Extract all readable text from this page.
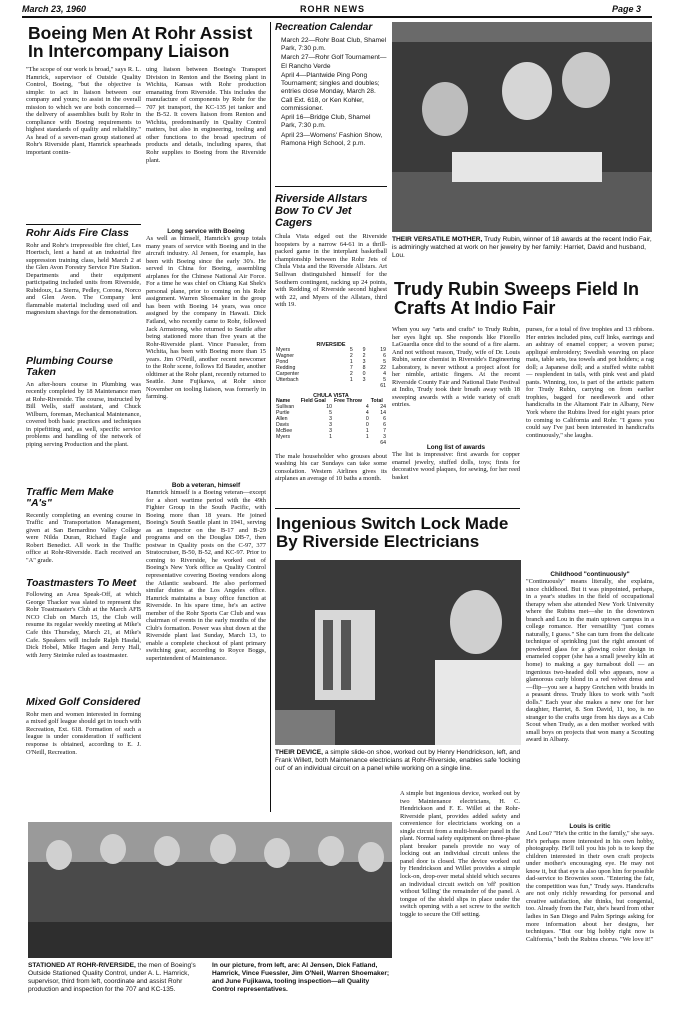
March 23, 1960	ROHR NEWS	Page 3
Boeing Men At Rohr Assist In Intercompany Liaison
"The scope of our work is broad," says R. L. Hamrick, supervisor of Outside Quality Control, Boeing, "but the objective is simple: to act in liaison between our company and yours; to assist in the overall mission to which we are both concerned—the delivery of assemblies built by Rohr in compliance with Boeing requirements to highest standards of quality and reliability." As head of a seven-man group stationed at Rohr's Riverside plant, Hamrick spearheads important contin-
Rohr Aids Fire Class
Rohr and Rohr's irrepressible fire chief, Les Hoertsch, lent a hand at an industrial fire suppression training class, held March 2 at the Glen Avon Forestry Service Fire Station. Departments and their equipment participating included units from Riverside, Rubidoux, La Sierra, Pedley, Corona, Norco and Glen Avon. The Company lent flammable material including used oil and magnesium shavings for the demonstration.
Plumbing Course Taken
An after-hours course in Plumbing was recently completed by 18 Maintenance men at Rohr-Riverside. The course, instructed by Bill Wells, staff assistant, and Chuck Wilburn, foreman, Mechanical Maintenance, covered both basic practices and techniques in pipefitting and, as well, specific service problems and handling of the network of piping serving Production and the plant.
Traffic Mem Make "A's"
Recently completing an evening course in Traffic and Transportation Management, given at San Bernardino Valley College were Nilda Duran, Richard Eagle and Robert Benedict. All work in the Traffic office at Rohr-Riverside. Each received an "A" grade.
Toastmasters To Meet
Following an Area Speak-Off, at which George Thacker was slated to represent the Rohr Toastmaster's Club at the March AFB NCO Club on March 15, the Club will resume its regular weekly meeting at Mike's Cafe this Thursday, March 21, at Mike's Cafe. Speakers will include Ralph Hasdal, Dick Hobel, Mike Hagen and Jerry Hall, with Jerry Steimke ruled as toastmaster.
Mixed Golf Considered
Rohr men and women interested in forming a mixed golf league should get in touch with Recreation, Ext. 618. Formation of such a league is under consideration if sufficient response is obtained, according to E. J. O'Neill, Recreation.
uing liaison between Boeing's Transport Division in Renton and the Boeing plant in Wichita, Kansas with Rohr production emanating from Riverside. This includes the manufacture of components by Rohr for the 707 jet transport, the KC-135 jet tanker and the B-52. It covers liaison from Renton and Wichita, predominantly in Quality Control matters, but also in engineering, tooling and other functions to the broad spectrum of products and details, including spares, that Rohr supplies to Boeing from the Riverside plant.
Long service with Boeing
As well as himself, Hamrick's group totals many years of service with Boeing and in the aircraft industry. Al Jensen, for example, has been with Boeing since the early 30's. He served in China for Boeing, assembling airplanes for the Chinese National Air Force. For a time he was chief on Chiang Kai Shek's personal plane, prior to coming on his Rohr assignment. Warren Shoemaker in the group has been with Boeing 14 years, was once assigned by the company in Hawaii. Dick Fatland, who recently came to Rohr, followed Jack Armstrong, who returned to Seattle after being stationed more than five years at the Rohr-Riverside plant. Vince Fuessler, from Wichita, has been with Boeing more than 15 years. Jim O'Neill, another recent newcomer to the Rohr scene, follows Ed Bauder, another oldtimer at the Rohr plant, recently returned to Seattle. June Fujikawa, at Rohr since November on tooling liaison, was formerly in farming.
Bob a veteran, himself
Hamrick himself is a Boeing veteran—except for a short wartime period with the 49th Fighter Group in the South Pacific, with Boeing more than 18 years. He joined Boeing's South Seattle plant in 1941, serving as an inspector on the B-17 and B-29 programs and on the Douglas DB-7, then postwar in Quality posts on the C-97, 377 Stratocruiser, B-50, B-52, and KC-97. Prior to coming to Riverside, he worked out of Boeing's New York office as Quality Control representative covering Boeing vendors along the Atlantic seaboard. He also performed similar duties at the Los Angeles office. Hamrick maintains a busy office function at Riverside. In his spare time, he's an active member of the Rohr Sports Car Club and was chairman of events in the early months of the Club's formation. Power was shut down at the Riverside plant last Sunday, March 13, to enable a complete checkout of plant primary switching gear, according to Royce Boggs, superintendent of Maintenance.
Recreation Calendar
March 22—Rohr Boat Club, Shamel Park, 7:30 p.m.
March 27—Rohr Golf Tournament—El Rancho Verde
April 4—Plantwide Ping Pong Tournament; singles and doubles; entries close Monday, March 28. Call Ext. 618, or Ken Kohler, commissioner.
April 16—Bridge Club, Shamel Park, 7:30 p.m.
April 23—Womens' Fashion Show, Ramona High School, 2 p.m.
Riverside Allstars
Bow To CV Jet Cagers
Chula Vista edged out the Riverside hoopsters by a narrow 64-61 in a thrill-packed game in the interplant basketball championship between the Rohr Jets of Chula Vista and the Riverside Allstars. Art Sullivan distinguished himself for the Southern contingent, racking up 24 points, with Redding of Riverside second highest with 22, and Myers of the Allstars, third with 19.
RIVERSIDE
Myers	5	9	19
Wagner	2	2	6
Pond	1	3	5
Redding	7	8	22
Carpenter	2	0	4
Utterbach	1	3	5
			61
CHULA VISTA
Name	Field Goal	Free Throw	Total
Sullivan	10	4	24
Purtle	5	4	14
Allen	3	0	6
Davis	3	0	6
McBee	3	1	7
Myers	1	1	3
			64
The male householder who grouses about washing his car Sundays can take some consolation. Western Airlines gives its airplanes an average of 10 baths a month.
THEIR VERSATILE MOTHER, Trudy Rubin, winner of 18 awards at the recent Indio Fair, is admiringly watched at work on her jewelry by her family: Harriet, David and husband, Lou.
Trudy Rubin Sweeps Field In Crafts At Indio Fair
When you say "arts and crafts" to Trudy Rubin, her eyes light up. She responds like Fiorello LaGuardia once did to the sound of a fire alarm. And not without reason, Trudy, wife of Dr. Louis Rubin, senior chemist in Riverside's Engineering Laboratory, is never without a project afoot for her nimble, artistic fingers. At the recent Riverside County Fair and National Date Festival at Indio, Trudy took their breath away with 18 sweeping awards with a wide variety of craft entries.
Long list of awards
The list is impressive: first awards for copper enamel jewelry, stuffed dolls, toys; firsts for decorative wood plaques, for sewing, for her reed basket
purses, for a total of five trophies and 13 ribbons. Her entries included pins, cuff links, earrings and an ashtray of enamel copper; a woven purse; appliqué embroidery; Swedish weaving on place mats, table sets, tea towels and pot holders; a rag doll; a Japanese doll; and a stuffed white rabbit — resplendent in tails, with pink vest and plaid pants. Winning, too, is part of the artistic pattern for Trudy Rubin, carrying on from earlier trophies, bagged for needlework and other handicrafts in the Altamont Fair in Albany, New York where the Rubins lived for eight years prior to coming to California and Rohr. "I guess you could say I've just been interested in handicrafts continuously," she laughs.
Childhood "continuously"
"Continuously" means literally, she explains, since childhood. But it was pinpointed, perhaps, in a year's studies in the field of occupational therapy when she attended New York University where the Rubins met—she in the downtown branch and Lou in the main uptown campus in a college romance. Her versatility "just comes naturally, I guess." She can turn from the delicate technique of sprinkling just the right amount of powdered glass for a glowing color design in enameled copper (she has a small jewelry kiln at home) to making a gay turnabout doll — an ingenious two-headed doll who appears, now a glamorous curly blond in a red velvet dress and —flip—you see a happy Gretchen with braids in a peasant dress. Trudy likes to work with "soft dolls." Each year she makes a new one for her daughter, Harriet, 8. Son David, 11, too, is no stranger to the crafts urge from his days as a Cub Scout when Trudy, as a den mother worked with small boys on projects that won many a Scouting award in Albany.
Louis is critic
And Lou? "He's the critic in the family," she says. He's perhaps more interested in his own hobby, photography. He'll tell you his job is to keep the children interested in their own craft projects under mother's encouraging eye. He may not know it, but that eye is also upon him for possible dad-service to Brownies soon. "Entering the fair, the competition was fun," Trudy says. Handcrafts are not only richly rewarding for personal and creative satisfaction, she thinks, but congenial, too. Already from the Fair, she's heard from other ladies in San Diego and Palm Springs asking for more information about her designs, her techniques. "But our big hobby right now is California," both the Rubins chorus. "We love it!"
Ingenious Switch Lock Made By Riverside Electricians
THEIR DEVICE, a simple slide-on shoe, worked out by Henry Hendrickson, left, and Frank Willett, both Maintenance electricians at Rohr-Riverside, enables safe 'locking out' of an individual circuit on a panel while working on a single line.
A simple but ingenious device, worked out by two Maintenance electricians, H. C. Hendrickson and F. E. Willet at the Rohr-Riverside plant, provides added safety and convenience for electricians working on a single circuit from a multi-breaker panel in the plant. Normal safety equipment on three-phase plant breaker panels provide no way of locking out an individual circuit unless the panel door is closed. The device worked out by Hendrickson and Willet provides a simple lock-on, drop-over metal shield which secures an individual circuit switch on 'off' position without 'killing' the remainder of the panel. A tongue of the shield slips in place under the switch opening with a set screw to the switch toggle to secure the Off setting.
STATIONED AT ROHR-RIVERSIDE, the men of Boeing's Outside Stationed Quality Control, under A. L. Hamrick, supervisor, third from left, coordinate and assist Rohr production and inspection for the 707 and KC-135.
In our picture, from left, are: Al Jensen, Dick Fatland, Hamrick, Vince Fuessler, Jim O'Neil, Warren Shoemaker; and June Fujikawa, tooling inspection—all Quality Control representatives.
